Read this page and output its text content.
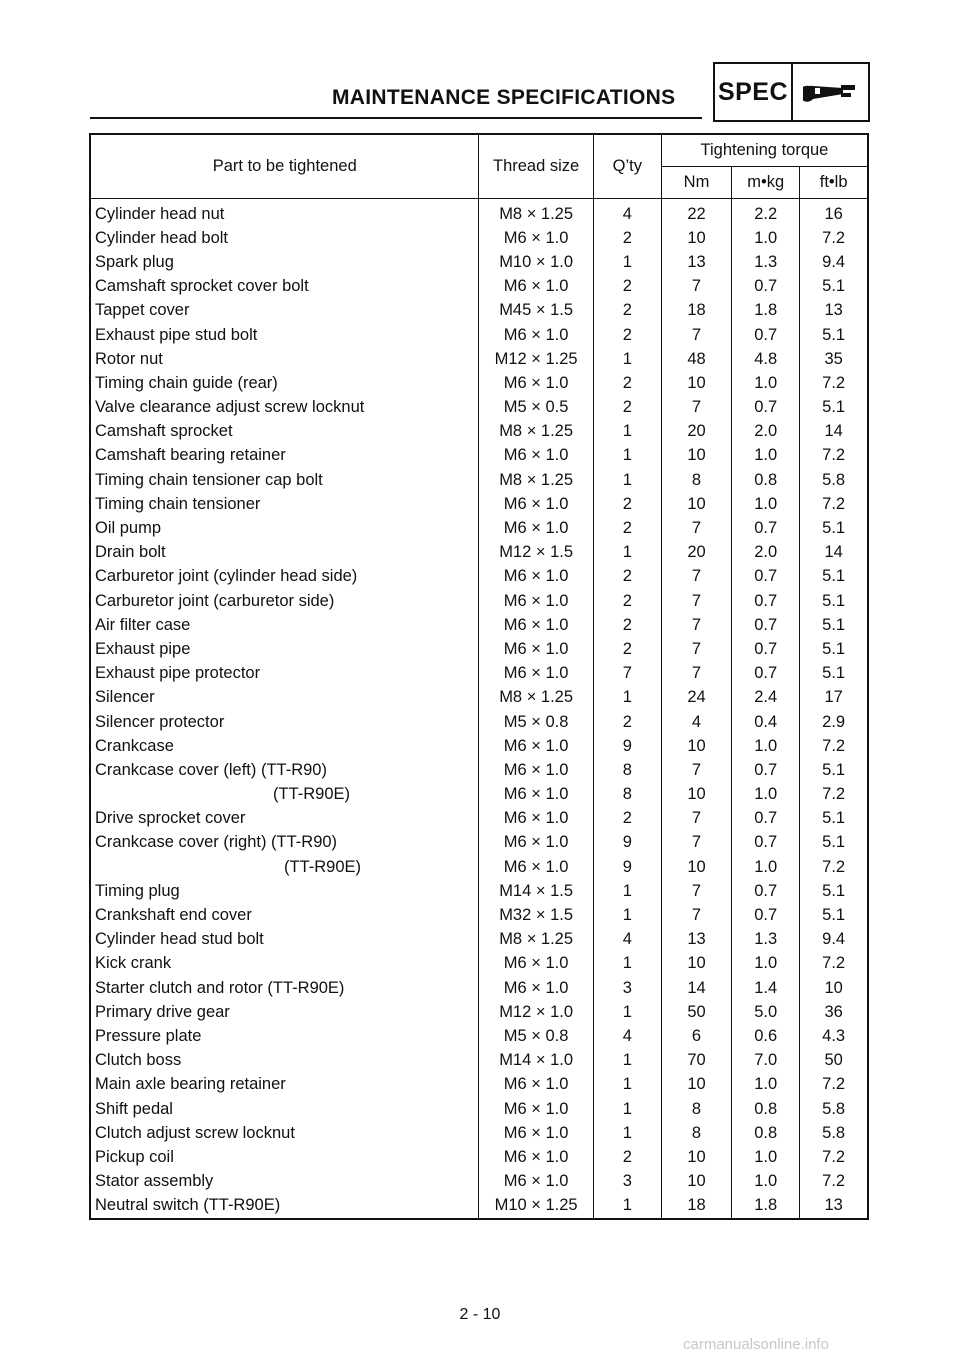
MAINTENANCE SPECIFICATIONS SPEC
Part to be tightened	Thread size	Q’ty	Tightening torque		
			Nm	m•kg	ft•lb
Cylinder head nut	M8 × 1.25	4	22	2.2	16
Cylinder head bolt	M6 × 1.0	2	10	1.0	7.2
Spark plug	M10 × 1.0	1	13	1.3	9.4
Camshaft sprocket cover bolt	M6 × 1.0	2	7	0.7	5.1
Tappet cover	M45 × 1.5	2	18	1.8	13
Exhaust pipe stud bolt	M6 × 1.0	2	7	0.7	5.1
Rotor nut	M12 × 1.25	1	48	4.8	35
Timing chain guide (rear)	M6 × 1.0	2	10	1.0	7.2
Valve clearance adjust screw locknut	M5 × 0.5	2	7	0.7	5.1
Camshaft sprocket	M8 × 1.25	1	20	2.0	14
Camshaft bearing retainer	M6 × 1.0	1	10	1.0	7.2
Timing chain tensioner cap bolt	M8 × 1.25	1	8	0.8	5.8
Timing chain tensioner	M6 × 1.0	2	10	1.0	7.2
Oil pump	M6 × 1.0	2	7	0.7	5.1
Drain bolt	M12 × 1.5	1	20	2.0	14
Carburetor joint (cylinder head side)	M6 × 1.0	2	7	0.7	5.1
Carburetor joint (carburetor side)	M6 × 1.0	2	7	0.7	5.1
Air filter case	M6 × 1.0	2	7	0.7	5.1
Exhaust pipe	M6 × 1.0	2	7	0.7	5.1
Exhaust pipe protector	M6 × 1.0	7	7	0.7	5.1
Silencer	M8 × 1.25	1	24	2.4	17
Silencer protector	M5 × 0.8	2	4	0.4	2.9
Crankcase	M6 × 1.0	9	10	1.0	7.2
Crankcase cover (left) (TT-R90)	M6 × 1.0	8	7	0.7	5.1
(TT-R90E)	M6 × 1.0	8	10	1.0	7.2
Drive sprocket cover	M6 × 1.0	2	7	0.7	5.1
Crankcase cover (right) (TT-R90)	M6 × 1.0	9	7	0.7	5.1
(TT-R90E)	M6 × 1.0	9	10	1.0	7.2
Timing plug	M14 × 1.5	1	7	0.7	5.1
Crankshaft end cover	M32 × 1.5	1	7	0.7	5.1
Cylinder head stud bolt	M8 × 1.25	4	13	1.3	9.4
Kick crank	M6 × 1.0	1	10	1.0	7.2
Starter clutch and rotor (TT-R90E)	M6 × 1.0	3	14	1.4	10
Primary drive gear	M12 × 1.0	1	50	5.0	36
Pressure plate	M5 × 0.8	4	6	0.6	4.3
Clutch boss	M14 × 1.0	1	70	7.0	50
Main axle bearing retainer	M6 × 1.0	1	10	1.0	7.2
Shift pedal	M6 × 1.0	1	8	0.8	5.8
Clutch adjust screw locknut	M6 × 1.0	1	8	0.8	5.8
Pickup coil	M6 × 1.0	2	10	1.0	7.2
Stator assembly	M6 × 1.0	3	10	1.0	7.2
Neutral switch (TT-R90E)	M10 × 1.25	1	18	1.8	13
2 - 10
carmanualsonline.info
